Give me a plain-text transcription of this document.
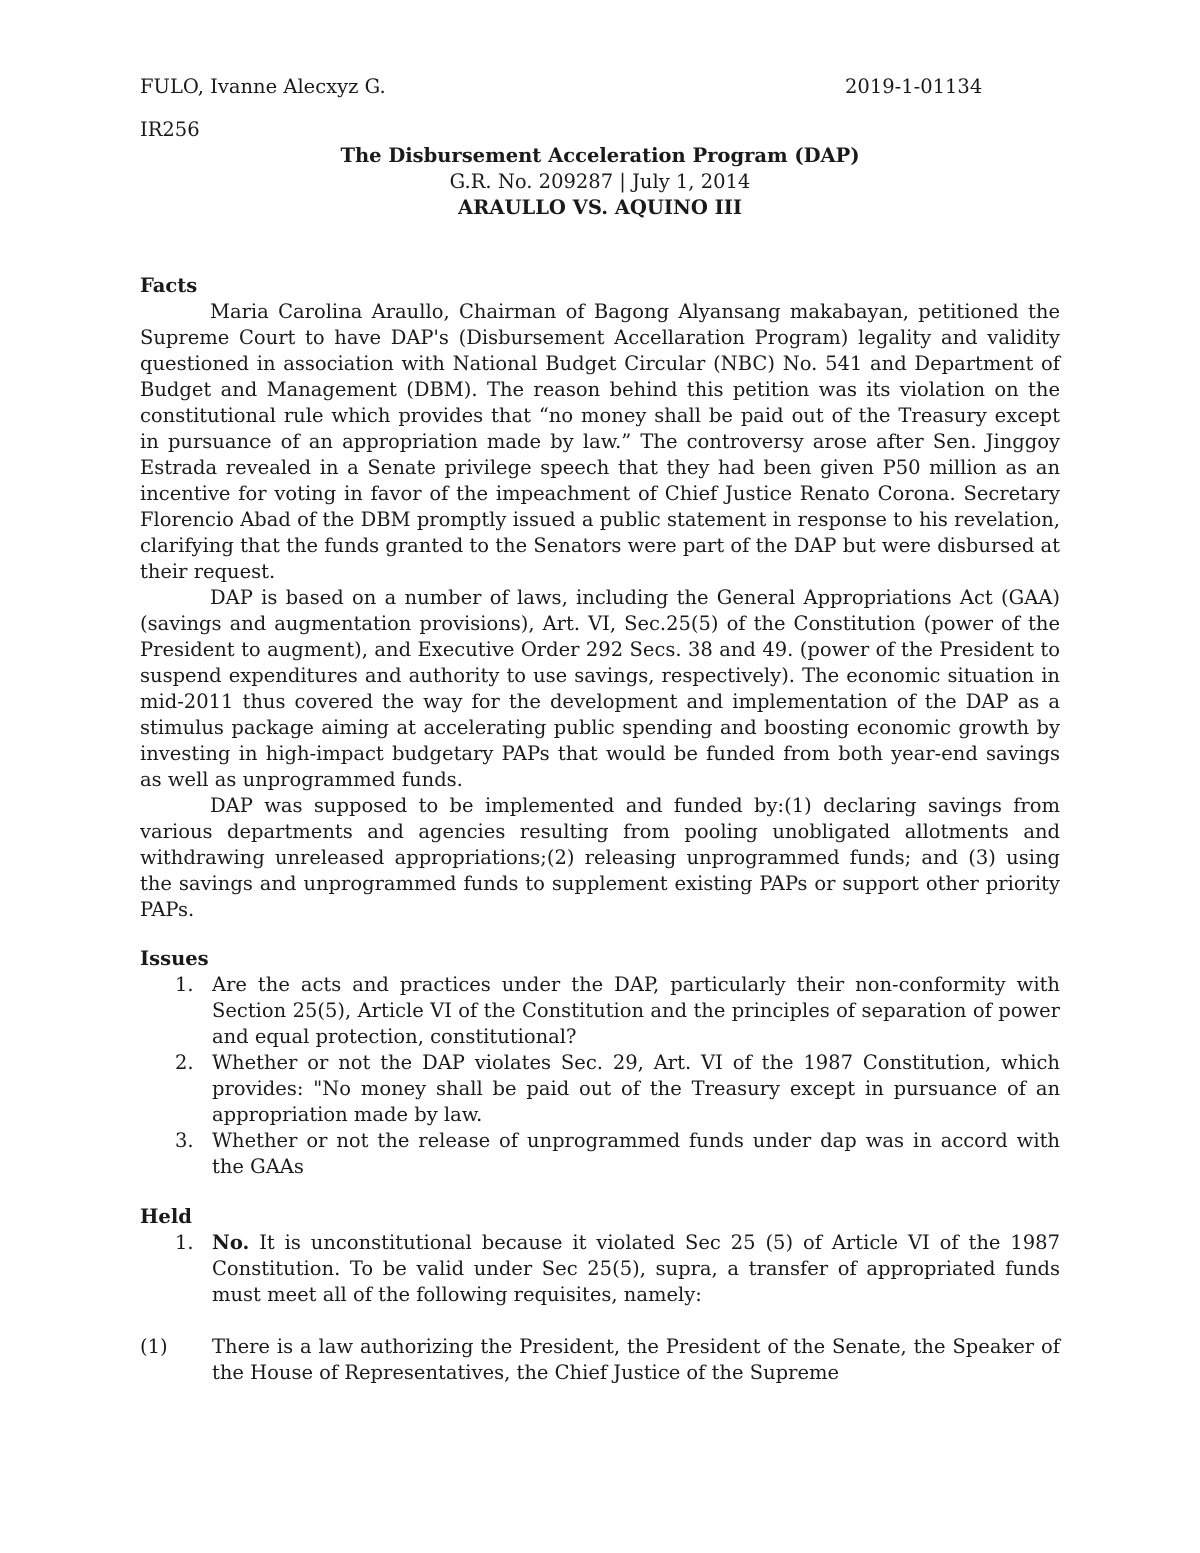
FULO, Ivanne Alecxyz G.	2019-1-01134
IR256
The Disbursement Acceleration Program (DAP)
G.R. No. 209287 | July 1, 2014
ARAULLO VS. AQUINO III
Facts

Maria Carolina Araullo, Chairman of Bagong Alyansang makabayan, petitioned the Supreme Court to have DAP's (Disbursement Accellaration Program) legality and validity questioned in association with National Budget Circular (NBC) No. 541 and Department of Budget and Management (DBM). The reason behind this petition was its violation on the constitutional rule which provides that “no money shall be paid out of the Treasury except in pursuance of an appropriation made by law.” The controversy arose after Sen. Jinggoy Estrada revealed in a Senate privilege speech that they had been given P50 million as an incentive for voting in favor of the impeachment of Chief Justice Renato Corona. Secretary Florencio Abad of the DBM promptly issued a public statement in response to his revelation, clarifying that the funds granted to the Senators were part of the DAP but were disbursed at their request.

DAP is based on a number of laws, including the General Appropriations Act (GAA) (savings and augmentation provisions), Art. VI, Sec.25(5) of the Constitution (power of the President to augment), and Executive Order 292 Secs. 38 and 49. (power of the President to suspend expenditures and authority to use savings, respectively). The economic situation in mid-2011 thus covered the way for the development and implementation of the DAP as a stimulus package aiming at accelerating public spending and boosting economic growth by investing in high-impact budgetary PAPs that would be funded from both year-end savings as well as unprogrammed funds.

DAP was supposed to be implemented and funded by:(1) declaring savings from various departments and agencies resulting from pooling unobligated allotments and withdrawing unreleased appropriations;(2) releasing unprogrammed funds; and (3) using the savings and unprogrammed funds to supplement existing PAPs or support other priority PAPs.

Issues
1. Are the acts and practices under the DAP, particularly their non-conformity with Section 25(5), Article VI of the Constitution and the principles of separation of power and equal protection, constitutional?
2. Whether or not the DAP violates Sec. 29, Art. VI of the 1987 Constitution, which provides: "No money shall be paid out of the Treasury except in pursuance of an appropriation made by law.
3. Whether or not the release of unprogrammed funds under dap was in accord with the GAAs
Held
1. No. It is unconstitutional because it violated Sec 25 (5) of Article VI of the 1987 Constitution. To be valid under Sec 25(5), supra, a transfer of appropriated funds must meet all of the following requisites, namely:
(1) There is a law authorizing the President, the President of the Senate, the Speaker of the House of Representatives, the Chief Justice of the Supreme
